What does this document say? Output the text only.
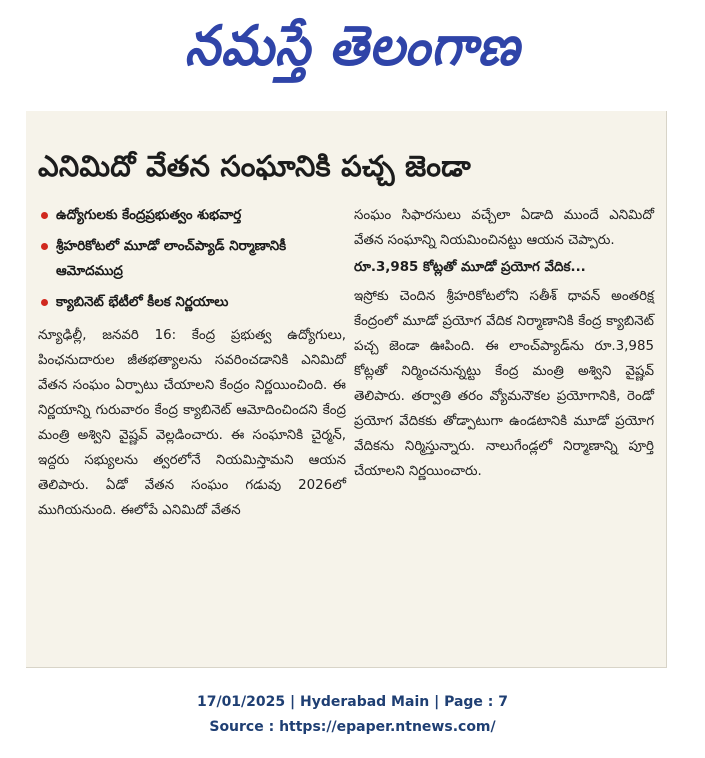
నమస్తే తెలంగాణ
ఎనిమిదో వేతన సంఘానికి పచ్చ జెండా
ఉద్యోగులకు కేంద్రప్రభుత్వం శుభవార్త
శ్రీహరికోటలో మూడో లాంచ్‌ప్యాడ్ నిర్మాణానికీ ఆమోదముద్ర
క్యాబినెట్ భేటీలో కీలక నిర్ణయాలు

న్యూఢిల్లీ, జనవరి 16: కేంద్ర ప్రభుత్వ ఉద్యోగులు, పింఛనుదారుల జీతభత్యాలను సవరించడానికి ఎనిమిదో వేతన సంఘం ఏర్పాటు చేయాలని కేంద్రం నిర్ణయించింది. ఈ నిర్ణయాన్ని గురువారం కేంద్ర క్యాబినెట్ ఆమోదించిందని కేంద్ర మంత్రి అశ్విని వైష్ణవ్ వెల్లడించారు. ఈ సంఘానికి చైర్మన్, ఇద్దరు సభ్యులను త్వరలోనే నియమిస్తామని ఆయన తెలిపారు. ఏడో వేతన సంఘం గడువు 2026లో ముగియనుంది. ఈలోపే ఎనిమిదో వేతన

సంఘం సిఫారసులు వచ్చేలా ఏడాది ముందే ఎనిమిదో వేతన సంఘాన్ని నియమించినట్టు ఆయన చెప్పారు.

రూ.3,985 కోట్లతో మూడో ప్రయోగ వేదిక...

ఇస్రోకు చెందిన శ్రీహరికోటలోని సతీశ్ ధావన్ అంతరిక్ష కేంద్రంలో మూడో ప్రయోగ వేదిక నిర్మాణానికి కేంద్ర క్యాబినెట్ పచ్చ జెండా ఊపింది. ఈ లాంచ్‌ప్యాడ్‌ను రూ.3,985 కోట్లతో నిర్మించనున్నట్టు కేంద్ర మంత్రి అశ్విని వైష్ణవ్ తెలిపారు. తర్వాతి తరం వ్యోమనౌకల ప్రయోగానికి, రెండో ప్రయోగ వేదికకు తోడ్పాటుగా ఉండటానికి మూడో ప్రయోగ వేదికను నిర్మిస్తున్నారు. నాలుగేండ్లలో నిర్మాణాన్ని పూర్తి చేయాలని నిర్ణయించారు.

17/01/2025 | Hyderabad Main | Page : 7
Source : https://epaper.ntnews.com/
